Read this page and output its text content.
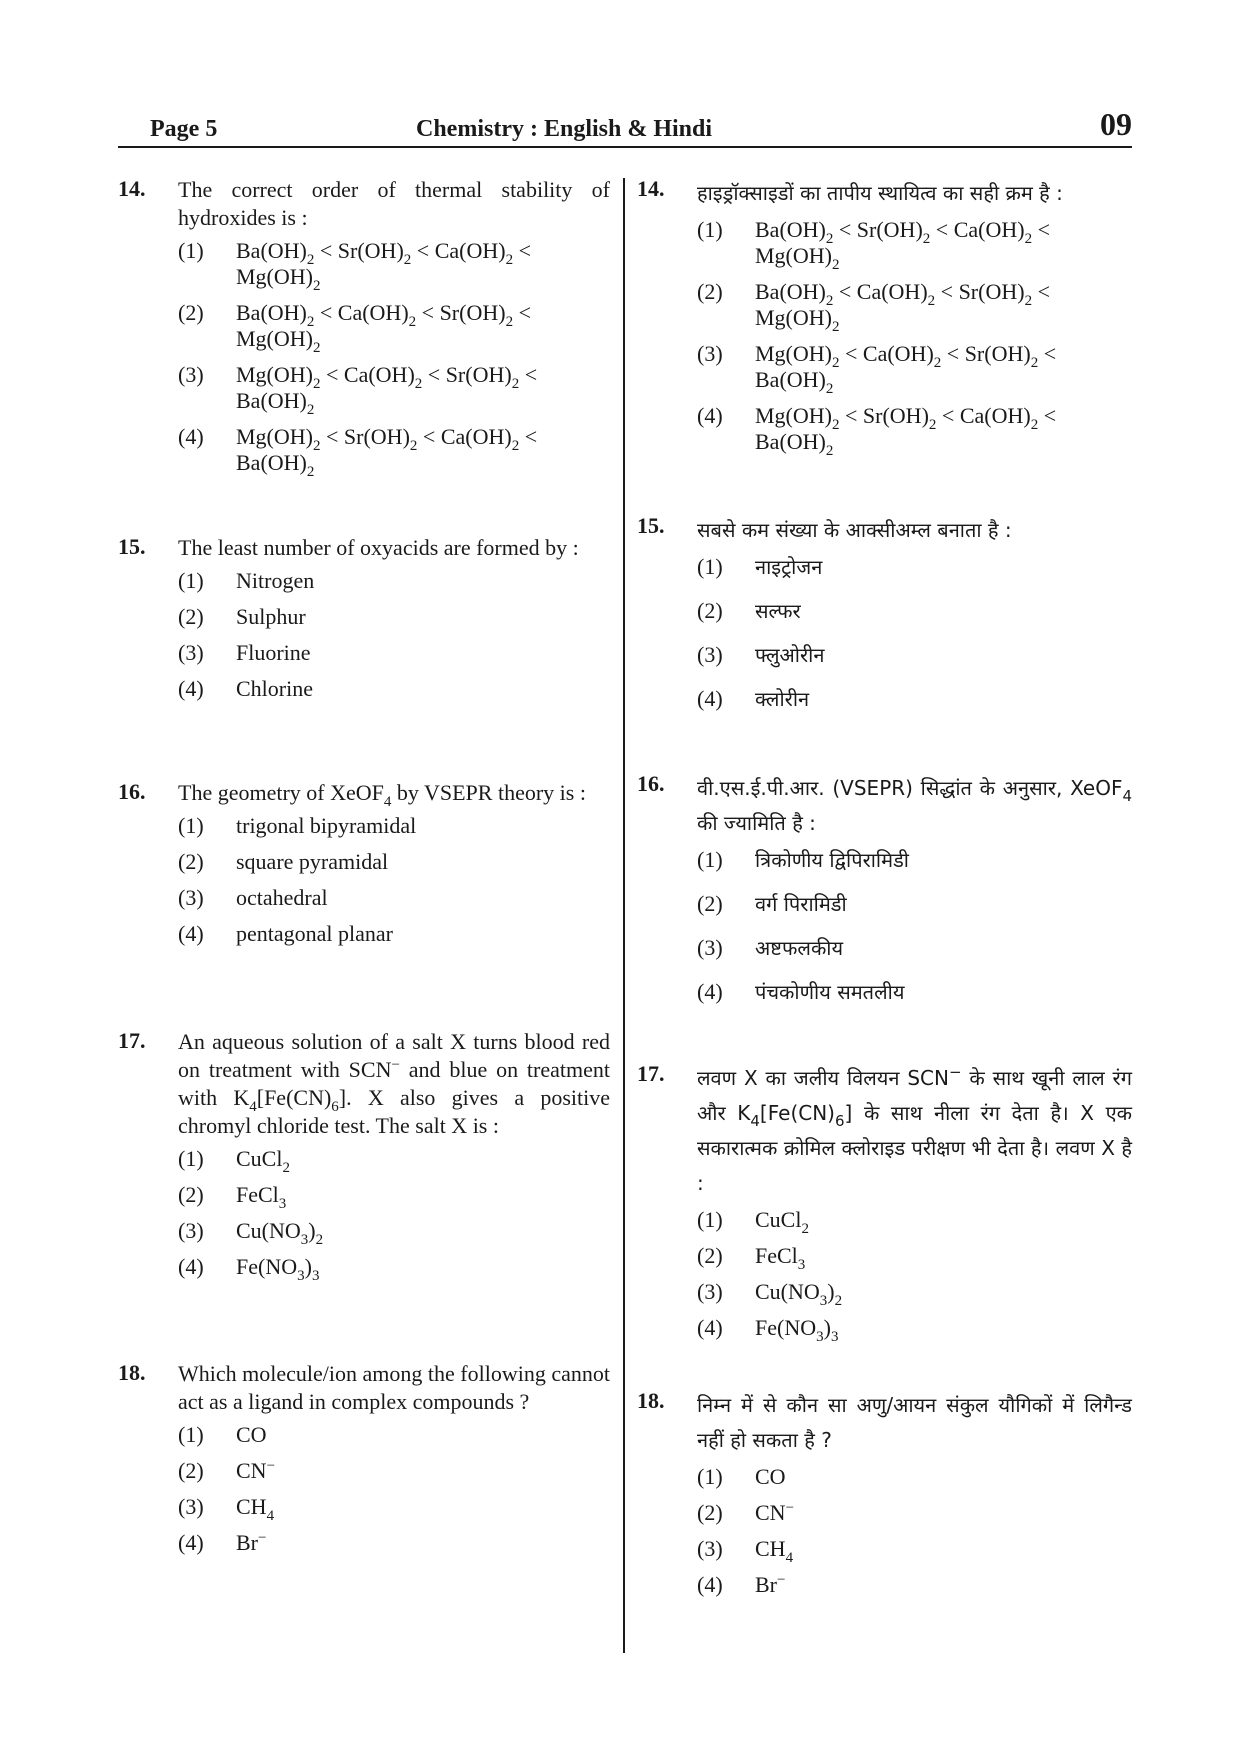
Page 5	Chemistry : English & Hindi	09
14. The correct order of thermal stability of hydroxides is :
(1) $Ba(OH)_2 < Sr(OH)_2 < Ca(OH)_2 < Mg(OH)_2$
(2) $Ba(OH)_2 < Ca(OH)_2 < Sr(OH)_2 < Mg(OH)_2$
(3) $Mg(OH)_2 < Ca(OH)_2 < Sr(OH)_2 < Ba(OH)_2$
(4) $Mg(OH)_2 < Sr(OH)_2 < Ca(OH)_2 < Ba(OH)_2$
15. The least number of oxyacids are formed by :
(1) Nitrogen
(2) Sulphur
(3) Fluorine
(4) Chlorine
16. The geometry of XeOF$_4$ by VSEPR theory is :
(1) trigonal bipyramidal
(2) square pyramidal
(3) octahedral
(4) pentagonal planar
17. An aqueous solution of a salt X turns blood red on treatment with SCN− and blue on treatment with $K_4[Fe(CN)_6]$. X also gives a positive chromyl chloride test. The salt X is :
(1) CuCl$_2$
(2) FeCl$_3$
(3) $Cu(NO_3)_2$
(4) $Fe(NO_3)_3$
18. Which molecule/ion among the following cannot act as a ligand in complex compounds ?
(1) CO
(2) CN−
(3) $CH_4$
(4) Br−
14. हाइड्रॉक्साइडों का तापीय स्थायित्व का सही क्रम है :
(1) $Ba(OH)_2 < Sr(OH)_2 < Ca(OH)_2 < Mg(OH)_2$
(2) $Ba(OH)_2 < Ca(OH)_2 < Sr(OH)_2 < Mg(OH)_2$
(3) $Mg(OH)_2 < Ca(OH)_2 < Sr(OH)_2 < Ba(OH)_2$
(4) $Mg(OH)_2 < Sr(OH)_2 < Ca(OH)_2 < Ba(OH)_2$
15. सबसे कम संख्या के आक्सीअम्ल बनाता है :
(1) नाइट्रोजन
(2) सल्फर
(3) फ्लुओरीन
(4) क्लोरीन
16. वी.एस.ई.पी.आर. (VSEPR) सिद्धांत के अनुसार, XeOF$_4$ की ज्यामिति है :
(1) त्रिकोणीय द्विपिरामिडी
(2) वर्ग पिरामिडी
(3) अष्टफलकीय
(4) पंचकोणीय समतलीय
17. लवण X का जलीय विलयन SCN− के साथ खूनी लाल रंग और $K_4[Fe(CN)_6]$ के साथ नीला रंग देता है। X एक सकारात्मक क्रोमिल क्लोराइड परीक्षण भी देता है। लवण X है :
(1) CuCl$_2$
(2) FeCl$_3$
(3) $Cu(NO_3)_2$
(4) $Fe(NO_3)_3$
18. निम्न में से कौन सा अणु/आयन संकुल यौगिकों में लिगैन्ड नहीं हो सकता है ?
(1) CO
(2) CN−
(3) $CH_4$
(4) Br−
